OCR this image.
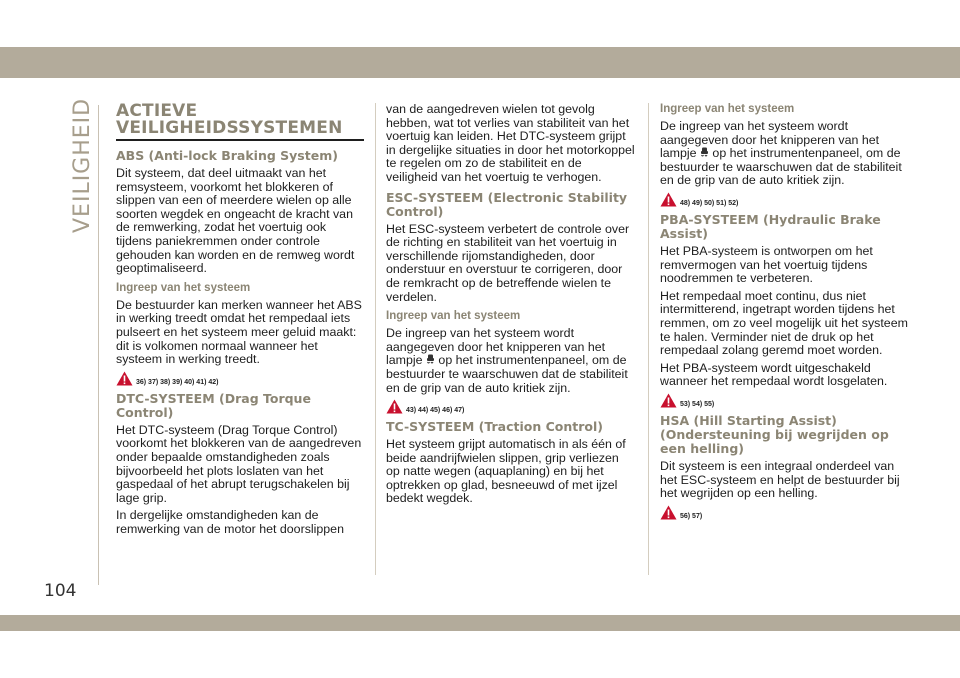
VEILIGHEID
104
ACTIEVE VEILIGHEIDSSYSTEMEN
ABS (Anti-lock Braking System)

Dit systeem, dat deel uitmaakt van het remsysteem, voorkomt het blokkeren of slippen van een of meerdere wielen op alle soorten wegdek en ongeacht de kracht van de remwerking, zodat het voertuig ook tijdens paniekremmen onder controle gehouden kan worden en de remweg wordt geoptimaliseerd.

Ingreep van het systeem

De bestuurder kan merken wanneer het ABS in werking treedt omdat het rempedaal iets pulseert en het systeem meer geluid maakt: dit is volkomen normaal wanneer het systeem in werking treedt.

36) 37) 38) 39) 40) 41) 42)
DTC-SYSTEEM (Drag Torque Control)

Het DTC-systeem (Drag Torque Control) voorkomt het blokkeren van de aangedreven onder bepaalde omstandigheden zoals bijvoorbeeld het plots loslaten van het gaspedaal of het abrupt terugschakelen bij lage grip.

In dergelijke omstandigheden kan de remwerking van de motor het doorslippen

van de aangedreven wielen tot gevolg hebben, wat tot verlies van stabiliteit van het voertuig kan leiden. Het DTC-systeem grijpt in dergelijke situaties in door het motorkoppel te regelen om zo de stabiliteit en de veiligheid van het voertuig te verhogen.

ESC-SYSTEEM (Electronic Stability Control)

Het ESC-systeem verbetert de controle over de richting en stabiliteit van het voertuig in verschillende rijomstandigheden, door onderstuur en overstuur te corrigeren, door de remkracht op de betreffende wielen te verdelen.

Ingreep van het systeem

De ingreep van het systeem wordt aangegeven door het knipperen van het lampje op het instrumentenpaneel, om de bestuurder te waarschuwen dat de stabiliteit en de grip van de auto kritiek zijn.

43) 44) 45) 46) 47)
TC-SYSTEEM (Traction Control)

Het systeem grijpt automatisch in als één of beide aandrijfwielen slippen, grip verliezen op natte wegen (aquaplaning) en bij het optrekken op glad, besneeuwd of met ijzel bedekt wegdek.

Ingreep van het systeem

De ingreep van het systeem wordt aangegeven door het knipperen van het lampje op het instrumentenpaneel, om de bestuurder te waarschuwen dat de stabiliteit en de grip van de auto kritiek zijn.

48) 49) 50) 51) 52)
PBA-SYSTEEM (Hydraulic Brake Assist)

Het PBA-systeem is ontworpen om het remvermogen van het voertuig tijdens noodremmen te verbeteren.

Het rempedaal moet continu, dus niet intermitterend, ingetrapt worden tijdens het remmen, om zo veel mogelijk uit het systeem te halen. Verminder niet de druk op het rempedaal zolang geremd moet worden.

Het PBA-systeem wordt uitgeschakeld wanneer het rempedaal wordt losgelaten.

53) 54) 55)
HSA (Hill Starting Assist) (Ondersteuning bij wegrijden op een helling)

Dit systeem is een integraal onderdeel van het ESC-systeem en helpt de bestuurder bij het wegrijden op een helling.

56) 57)
